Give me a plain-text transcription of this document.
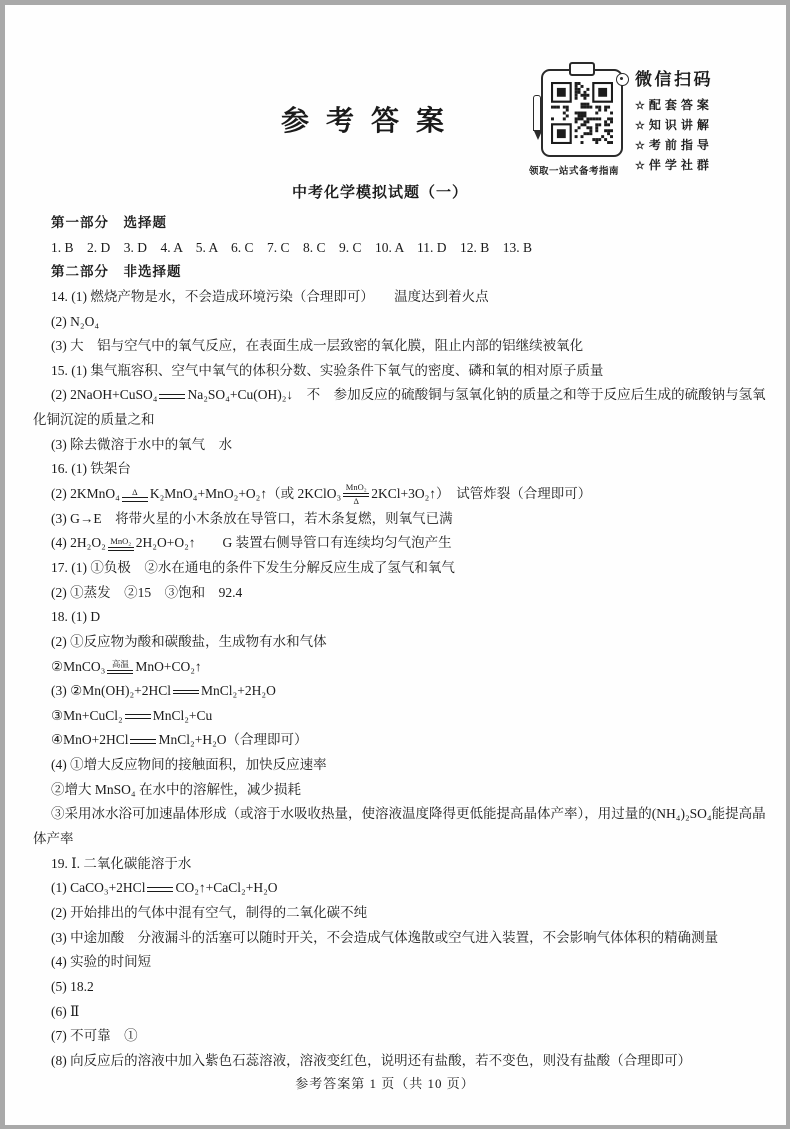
参 考 答 案
领取一站式备考指南
微信扫码
☆ 配套答案
☆ 知识讲解
☆ 考前指导
☆ 伴学社群
中考化学模拟试题（一）
第一部分　选择题
1. B　2. D　3. D　4. A　5. A　6. C　7. C　8. C　9. C　10. A　11. D　12. B　13. B
第二部分　非选择题
14. (1) 燃烧产物是水，不会造成环境污染（合理即可）　　温度达到着火点
(2) N₂O₄
(3) 大　铝与空气中的氧气反应，在表面生成一层致密的氧化膜，阻止内部的铝继续被氧化
15. (1) 集气瓶容积、空气中氧气的体积分数、实验条件下氧气的密度、磷和氧的相对原子质量
(2) 2NaOH+CuSO₄ Na₂SO₄+Cu(OH)₂↓　不　参加反应的硫酸铜与氢氧化钠的质量之和等于反应后生成的硫酸钠与氢氧
化铜沉淀的质量之和
(3) 除去微溶于水中的氧气　水
16. (1) 铁架台
(2) 2KMnO₄ Δ K₂MnO₄+MnO₂+O₂↑（或 2KClO₃ MnO₂
Δ
2KCl+3O₂↑）　试管炸裂（合理即可）
(3) G→E　将带火星的小木条放在导管口，若木条复燃，则氧气已满
(4) 2H₂O₂ MnO₂ 2H₂O+O₂↑　　G 装置右侧导管口有连续均匀气泡产生
17. (1) ①负极　②水在通电的条件下发生分解反应生成了氢气和氧气
(2) ①蒸发　②15　③饱和　92.4
18. (1) D
(2) ①反应物为酸和碳酸盐，生成物有水和气体
②MnCO₃ 高温 MnO+CO₂↑
(3) ②Mn(OH)₂+2HCl MnCl₂+2H₂O
③Mn+CuCl₂ MnCl₂+Cu
④MnO+2HCl MnCl₂+H₂O（合理即可）
(4) ①增大反应物间的接触面积，加快反应速率
②增大 MnSO₄ 在水中的溶解性，减少损耗
③采用冰水浴可加速晶体形成（或溶于水吸收热量，使溶液温度降得更低能提高晶体产率），用过量的(NH₄)₂SO₄能提高晶
体产率
19. Ⅰ. 二氧化碳能溶于水
(1) CaCO₃+2HCl CO₂↑+CaCl₂+H₂O
(2) 开始排出的气体中混有空气，制得的二氧化碳不纯
(3) 中途加酸　分液漏斗的活塞可以随时开关，不会造成气体逸散或空气进入装置，不会影响气体体积的精确测量
(4) 实验的时间短
(5) 18.2
(6) Ⅱ
(7) 不可靠　①
(8) 向反应后的溶液中加入紫色石蕊溶液，溶液变红色，说明还有盐酸，若不变色，则没有盐酸（合理即可）
参考答案第 1 页（共 10 页）
